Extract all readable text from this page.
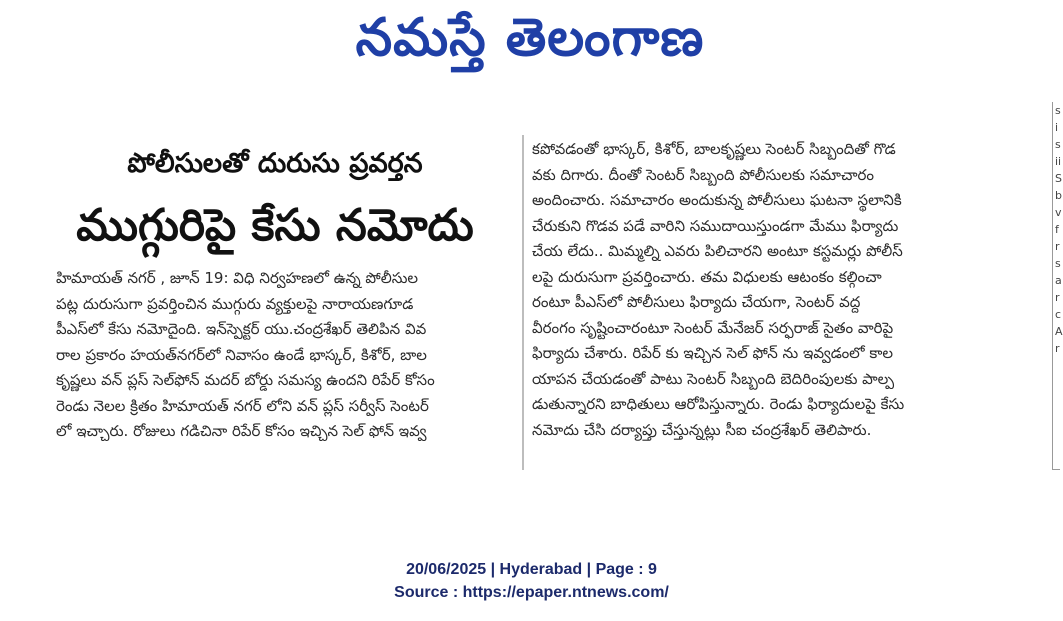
నమస్తే తెలంగాణ
పోలీసులతో దురుసు ప్రవర్తన
ముగ్గురిపై కేసు నమోదు
హిమాయత్ నగర్ , జూన్ 19: విధి నిర్వహణలో ఉన్న పోలీసుల
పట్ల దురుసుగా ప్రవర్తించిన ముగ్గురు వ్యక్తులపై నారాయణగూడ
పీఎస్‌లో కేసు నమోదైంది. ఇన్‌స్పెక్టర్ యు.చంద్రశేఖర్ తెలిపిన వివ
రాల ప్రకారం హయత్‌నగర్‌లో నివాసం ఉండే భాస్కర్, కిశోర్, బాల
కృష్ణలు వన్ ప్లస్ సెల్‌ఫోన్ మదర్ బోర్డు సమస్య ఉందని రిపేర్ కోసం
రెండు నెలల క్రితం హిమాయత్ నగర్ లోని వన్ ప్లస్ సర్వీస్ సెంటర్
లో ఇచ్చారు. రోజులు గడిచినా రిపేర్ కోసం ఇచ్చిన సెల్ ఫోన్ ఇవ్వ
కపోవడంతో భాస్కర్, కిశోర్, బాలకృష్ణలు సెంటర్ సిబ్బందితో గొడ
వకు దిగారు. దీంతో సెంటర్ సిబ్బంది పోలీసులకు సమాచారం
అందించారు. సమాచారం అందుకున్న పోలీసులు ఘటనా స్థలానికి
చేరుకుని గొడవ పడే వారిని సముదాయిస్తుండగా మేము ఫిర్యాదు
చేయ లేదు.. మిమ్మల్ని ఎవరు పిలిచారని అంటూ కస్టమర్లు పోలీస్
లపై దురుసుగా ప్రవర్తించారు. తమ విధులకు ఆటంకం కల్గించా
రంటూ పీఎస్‌లో పోలీసులు ఫిర్యాదు చేయగా, సెంటర్ వద్ద
వీరంగం సృష్టించారంటూ సెంటర్ మేనేజర్ సర్ఫరాజ్ సైతం వారిపై
ఫిర్యాదు చేశారు. రిపేర్ కు ఇచ్చిన సెల్ ఫోన్ ను ఇవ్వడంలో కాల
యాపన చేయడంతో పాటు సెంటర్ సిబ్బంది బెదిరింపులకు పాల్ప
డుతున్నారని బాధితులు ఆరోపిస్తున్నారు. రెండు ఫిర్యాదులపై కేసు
నమోదు చేసి దర్యాప్తు చేస్తున్నట్లు సీఐ చంద్రశేఖర్ తెలిపారు.
s
i
s
ii
S
b
v
f
r
s
a
r
c
A
r
20/06/2025 | Hyderabad | Page : 9
Source : https://epaper.ntnews.com/
